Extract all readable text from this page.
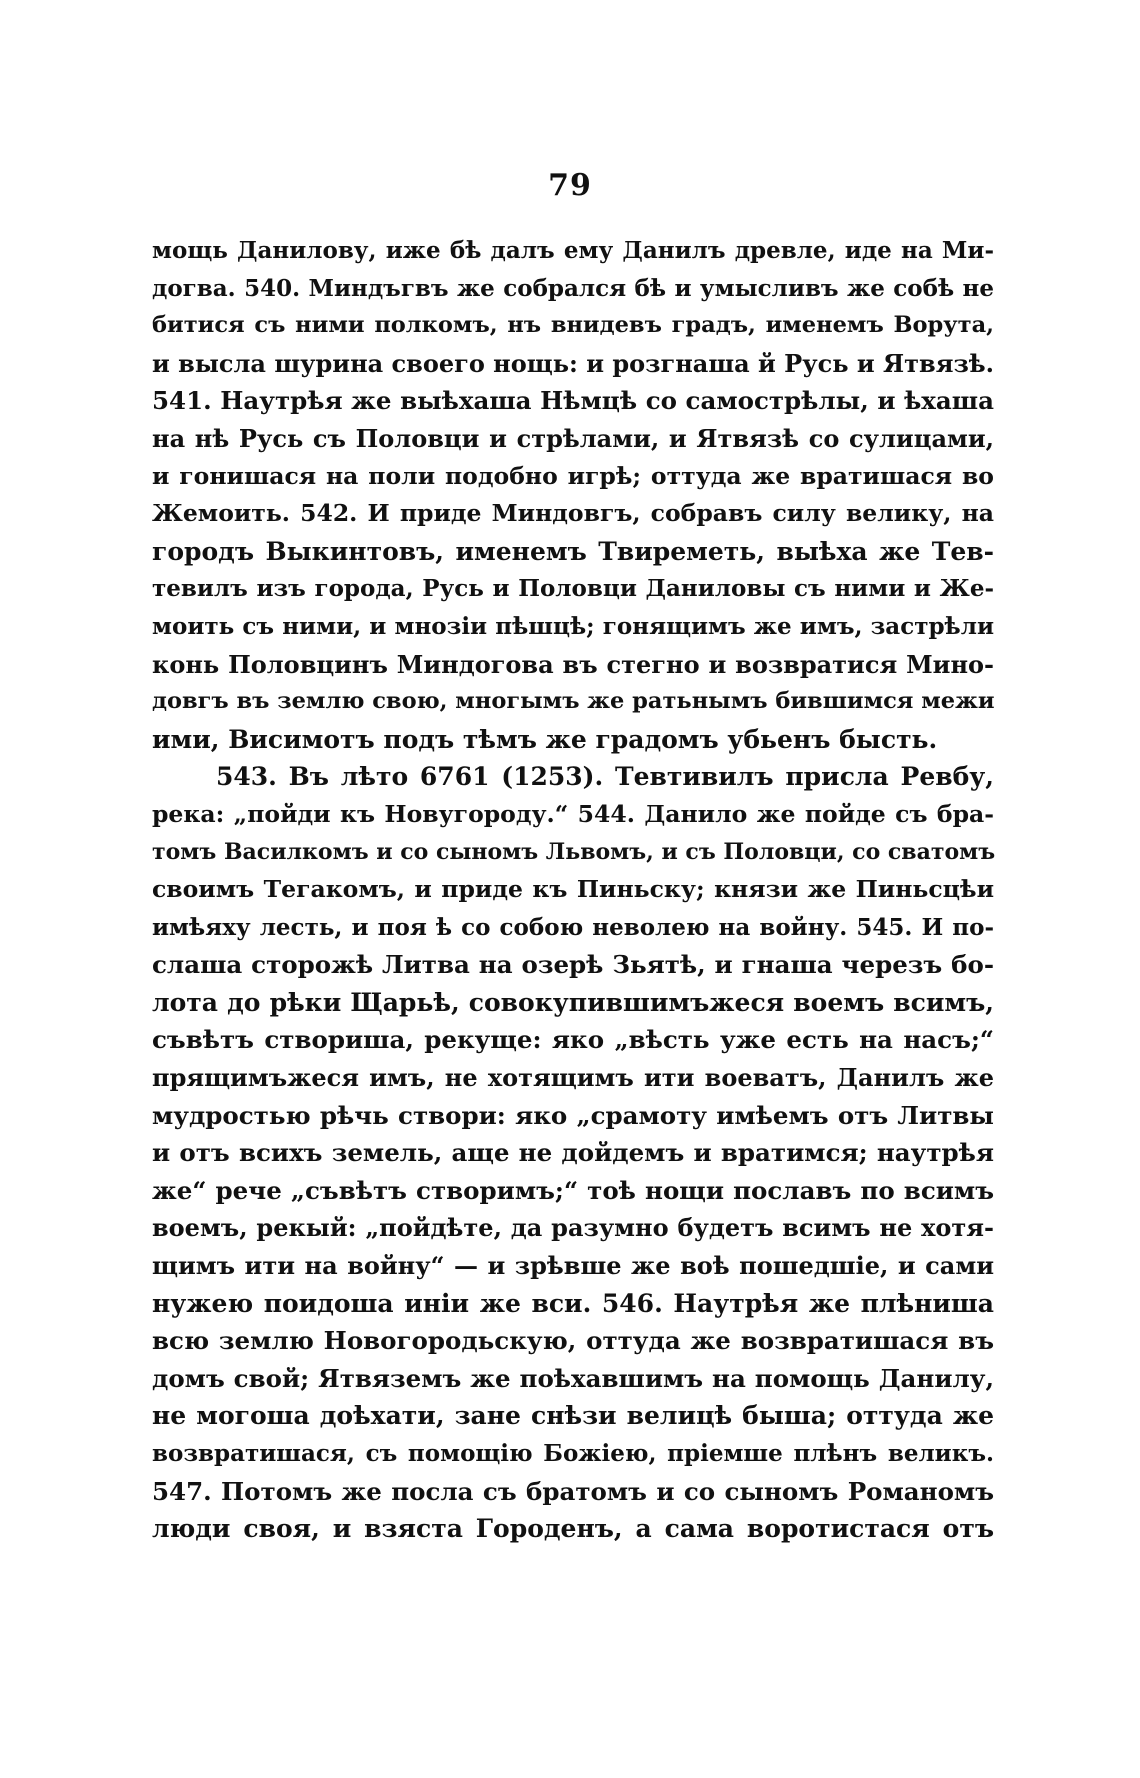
79
мощь Данилову, иже бѣ далъ ему Данилъ древле, иде на Ми-
догва. 540. Миндъгвъ же собрался бѣ и умысливъ же собѣ не
битися съ ними полкомъ, нъ внидевъ градъ, именемъ Ворута,
и высла шурина своего нощь: и розгнаша й Русь и Ятвязѣ.
541. Наутрѣя же выѣхаша Нѣмцѣ со самострѣлы, и ѣхаша
на нѣ Русь съ Половци и стрѣлами, и Ятвязѣ со сулицами,
и гонишася на поли подобно игрѣ; оттуда же вратишася во
Жемоить. 542. И приде Миндовгъ, собравъ силу велику, на
городъ Выкинтовъ, именемъ Твиреметь, выѣха же Тев-
тевилъ изъ города, Русь и Половци Даниловы съ ними и Же-
моить съ ними, и мнозіи пѣшцѣ; гонящимъ же имъ, застрѣли
конь Половцинъ Миндогова въ стегно и возвратися Мино-
довгъ въ землю свою, многымъ же ратьнымъ бившимся межи
ими, Висимотъ подъ тѣмъ же градомъ убьенъ бысть.
543. Въ лѣто 6761 (1253). Тевтивилъ присла Ревбу,
река: „пойди къ Новугороду.“ 544. Данило же пойде съ бра-
томъ Василкомъ и со сыномъ Львомъ, и съ Половци, со сватомъ
своимъ Тегакомъ, и приде къ Пиньску; князи же Пиньсцѣи
имѣяху лесть, и поя ѣ со собою неволею на войну. 545. И по-
слаша сторожѣ Литва на озерѣ Зьятѣ, и гнаша черезъ бо-
лота до рѣки Щарьѣ, совокупившимъжеся воемъ всимъ,
съвѣтъ створиша, рекуще: яко „вѣсть уже есть на насъ;“
прящимъжеся имъ, не хотящимъ ити воеватъ, Данилъ же
мудростью рѣчь створи: яко „срамоту имѣемъ отъ Литвы
и отъ всихъ земель, аще не дойдемъ и вратимся; наутрѣя
же“ рече „съвѣтъ створимъ;“ тоѣ нощи пославъ по всимъ
воемъ, рекый: „пойдѣте, да разумно будетъ всимъ не хотя-
щимъ ити на войну“ — и зрѣвше же воѣ пошедшіе, и сами
нужею поидоша иніи же вси. 546. Наутрѣя же плѣниша
всю землю Новогородьскую, оттуда же возвратишася въ
домъ свой; Ятвяземъ же поѣхавшимъ на помощь Данилу,
не могоша доѣхати, зане снѣзи велицѣ быша; оттуда же
возвратишася, съ помощію Божіею, пріемше плѣнъ великъ.
547. Потомъ же посла съ братомъ и со сыномъ Романомъ
люди своя, и взяста Городенъ, а сама воротистася отъ
